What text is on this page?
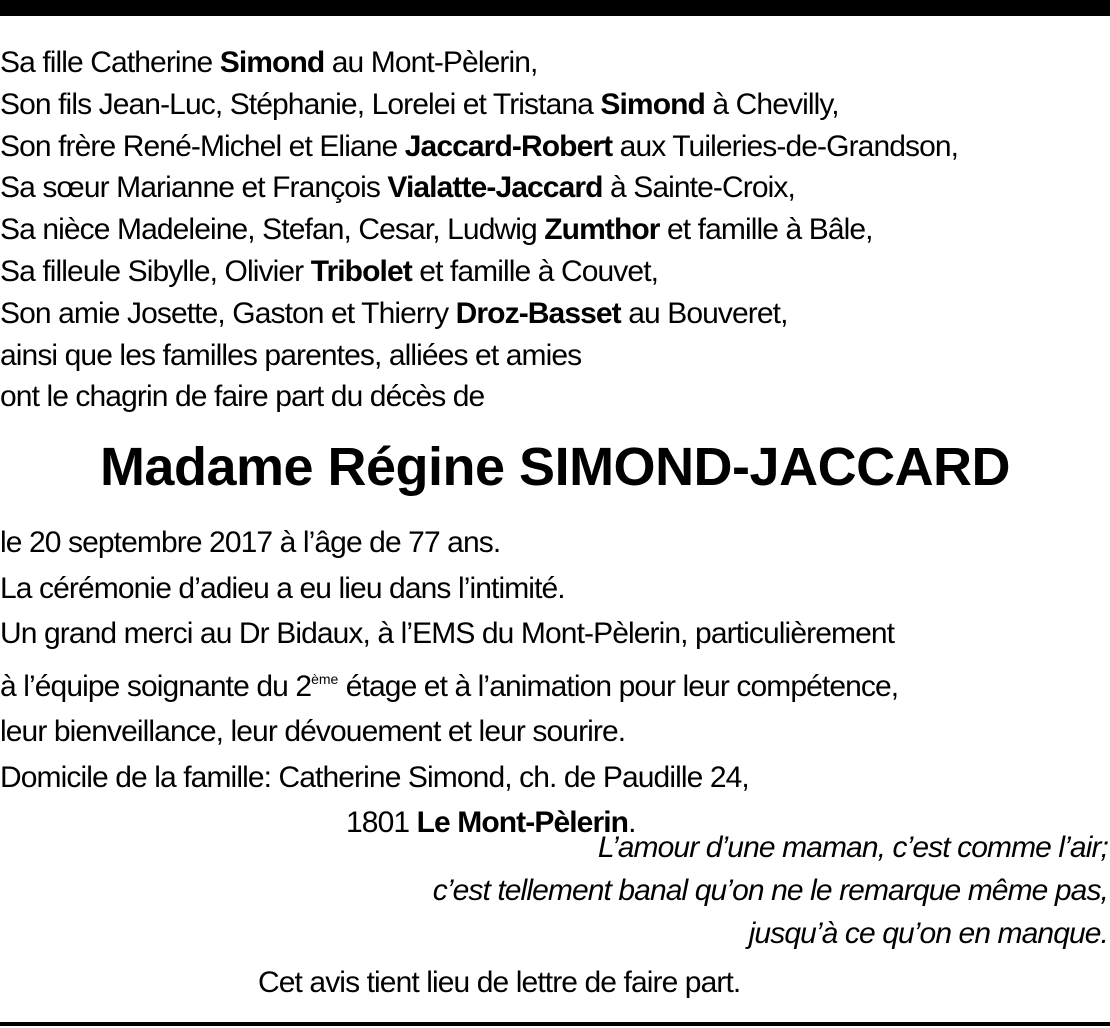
Sa fille Catherine Simond au Mont-Pèlerin,
Son fils Jean-Luc, Stéphanie, Lorelei et Tristana Simond à Chevilly,
Son frère René-Michel et Eliane Jaccard-Robert aux Tuileries-de-Grandson,
Sa sœur Marianne et François Vialatte-Jaccard à Sainte-Croix,
Sa nièce Madeleine, Stefan, Cesar, Ludwig Zumthor et famille à Bâle,
Sa filleule Sibylle, Olivier Tribolet et famille à Couvet,
Son amie Josette, Gaston et Thierry Droz-Basset au Bouveret,
ainsi que les familles parentes, alliées et amies
ont le chagrin de faire part du décès de
Madame Régine SIMOND-JACCARD
le 20 septembre 2017 à l’âge de 77 ans.
La cérémonie d’adieu a eu lieu dans l’intimité.
Un grand merci au Dr Bidaux, à l’EMS du Mont-Pèlerin, particulièrement
à l’équipe soignante du 2ème étage et à l’animation pour leur compétence,
leur bienveillance, leur dévouement et leur sourire.
Domicile de la famille: Catherine Simond, ch. de Paudille 24,
1801 Le Mont-Pèlerin.
L’amour d’une maman, c’est comme l’air;
c’est tellement banal qu’on ne le remarque même pas,
jusqu’à ce qu’on en manque.
Cet avis tient lieu de lettre de faire part.
